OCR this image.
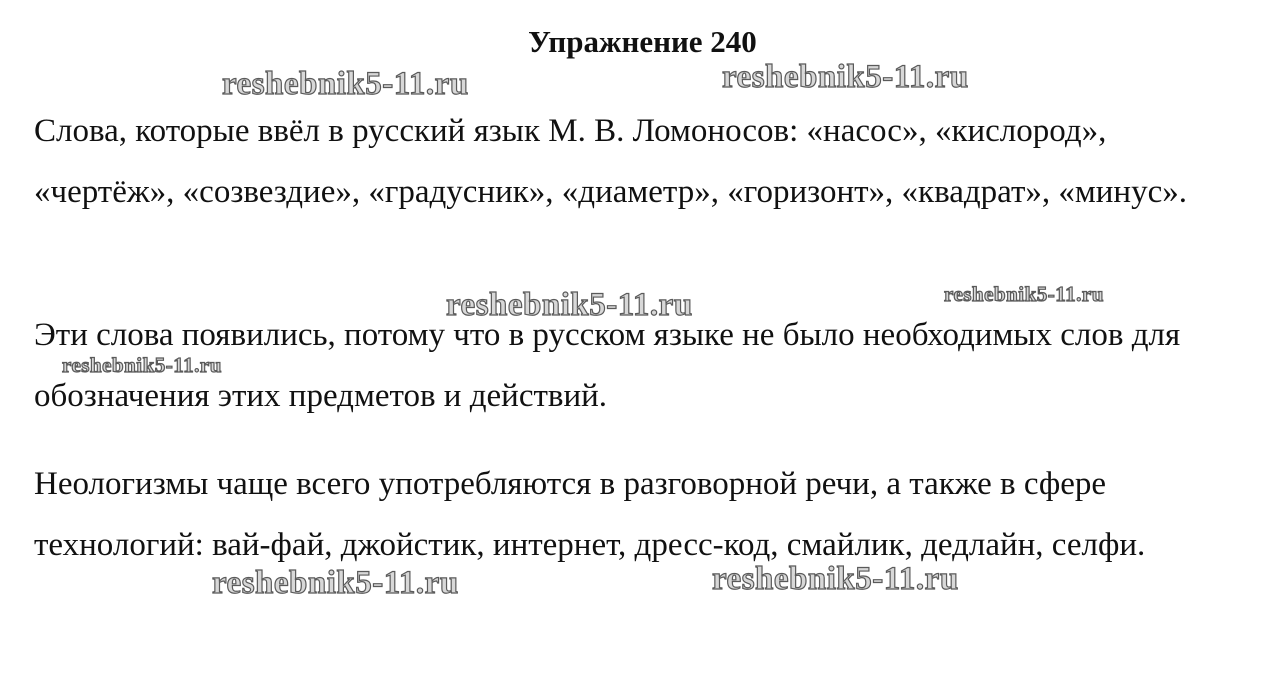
Упражнение 240

Слова, которые ввёл в русский язык М. В. Ломоносов: «насос», «кислород», «чертёж», «созвездие», «градусник», «диаметр», «горизонт», «квадрат», «минус».

Эти слова появились, потому что в русском языке не было необходимых слов для обозначения этих предметов и действий.

Неологизмы чаще всего употребляются в разговорной речи, а также в сфере технологий: вай-фай, джойстик, интернет, дресс-код, смайлик, дедлайн, селфи.

reshebnik5-11.ru	reshebnik5-11.ru
reshebnik5-11.ru	reshebnik5-11.ru
reshebnik5-11.ru
reshebnik5-11.ru	reshebnik5-11.ru
